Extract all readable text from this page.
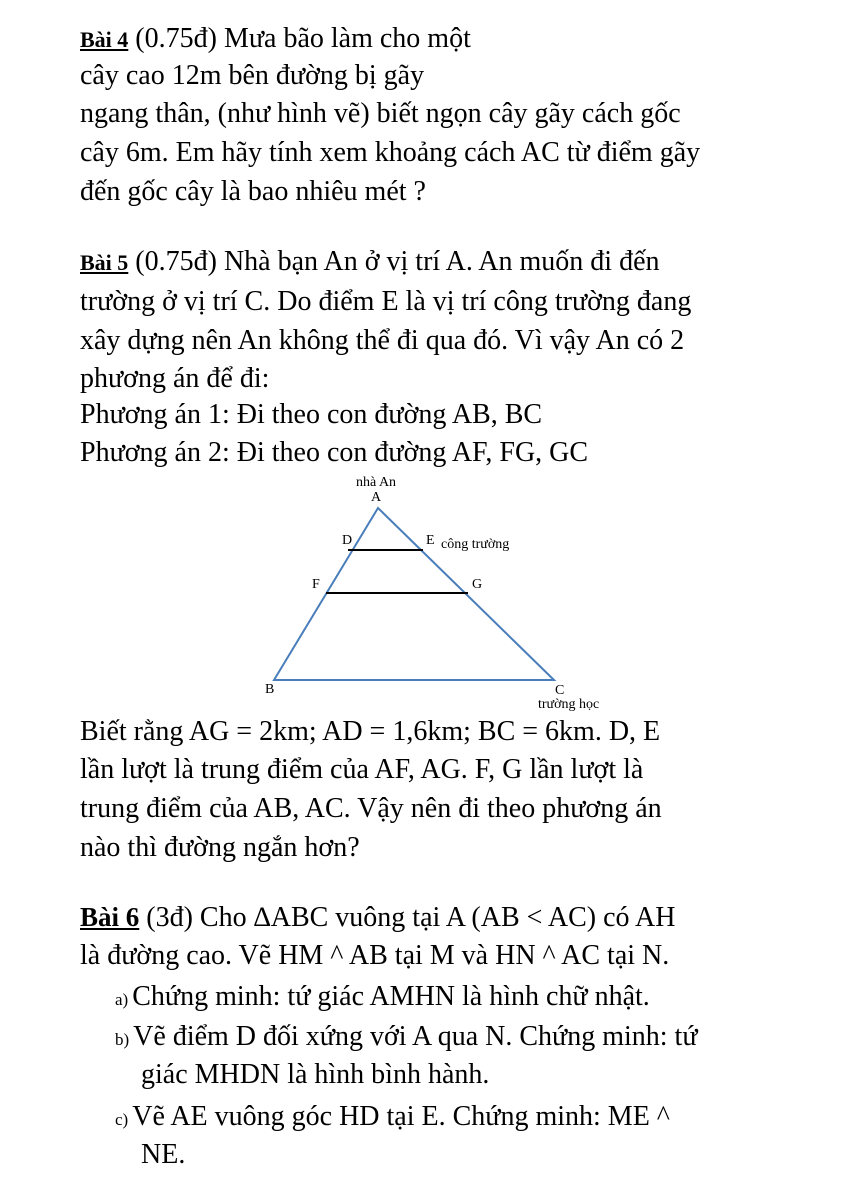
Bài 4 (0.75đ) Mưa bão làm cho một
cây cao 12m bên đường bị gãy
ngang thân, (như hình vẽ) biết ngọn cây gãy cách gốc
cây 6m. Em hãy tính xem khoảng cách AC từ điểm gãy
đến gốc cây là bao nhiêu mét ?
Bài 5 (0.75đ) Nhà bạn An ở vị trí A. An muốn đi đến
trường ở vị trí C. Do điểm E là vị trí công trường đang
xây dựng nên An không thể đi qua đó. Vì vậy An có 2
phương án để đi:
Phương án 1: Đi theo con đường AB, BC
Phương án 2: Đi theo con đường AF, FG, GC
nhà An
A
D	E công trường
F	G
B	C
trường học
Biết rằng AG = 2km; AD = 1,6km; BC = 6km. D, E
lần lượt là trung điểm của AF, AG. F, G lần lượt là
trung điểm của AB, AC. Vậy nên đi theo phương án
nào thì đường ngắn hơn?
Bài 6 (3đ) Cho ∆ABC vuông tại A (AB < AC) có AH
là đường cao. Vẽ HM ^ AB tại M và HN ^ AC tại N.
a) Chứng minh: tứ giác AMHN là hình chữ nhật.
b) Vẽ điểm D đối xứng với A qua N. Chứng minh: tứ
giác MHDN là hình bình hành.
c) Vẽ AE vuông góc HD tại E. Chứng minh: ME ^
NE.
